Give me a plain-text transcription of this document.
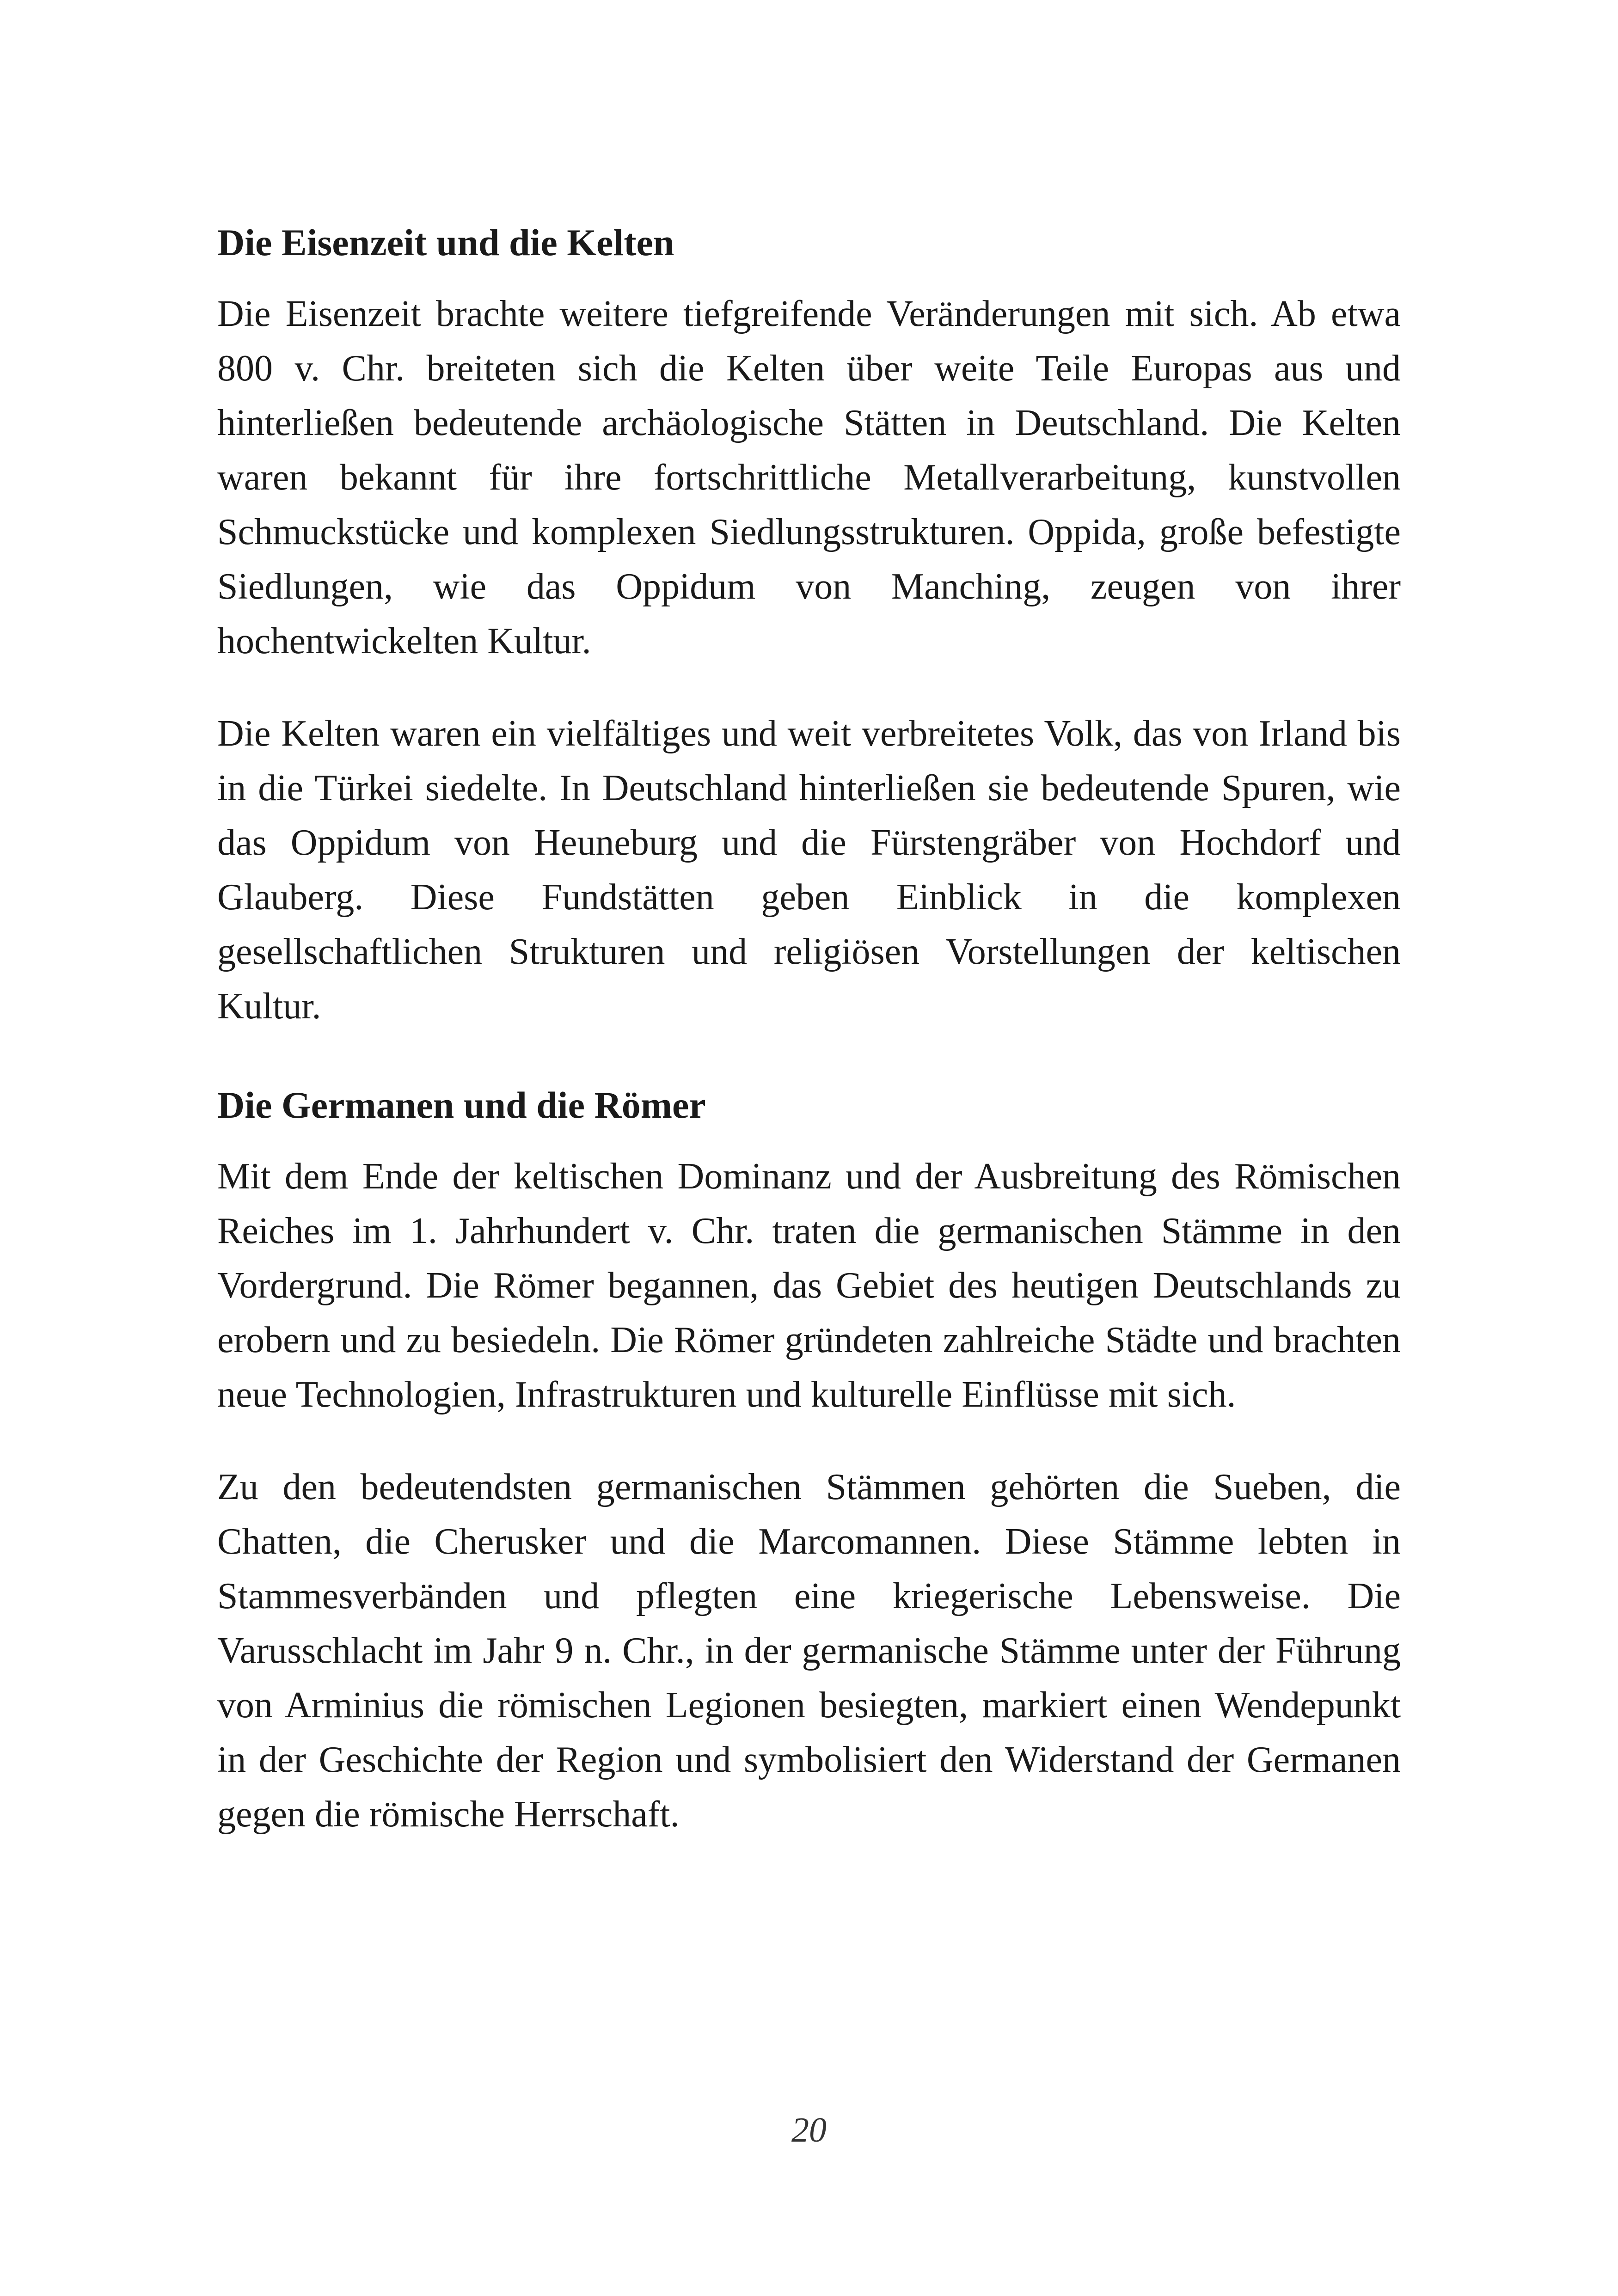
Die Eisenzeit und die Kelten

Die Eisenzeit brachte weitere tiefgreifende Veränderungen mit sich. Ab etwa 800 v. Chr. breiteten sich die Kelten über weite Teile Europas aus und hinterließen bedeutende archäologische Stätten in Deutschland. Die Kelten waren bekannt für ihre fortschrittliche Metallverarbeitung, kunstvollen Schmuckstücke und komplexen Siedlungsstrukturen. Oppida, große befestigte Siedlungen, wie das Oppidum von Manching, zeugen von ihrer hochentwickelten Kultur.

Die Kelten waren ein vielfältiges und weit verbreitetes Volk, das von Irland bis in die Türkei siedelte. In Deutschland hinterließen sie bedeutende Spuren, wie das Oppidum von Heuneburg und die Fürstengräber von Hochdorf und Glauberg. Diese Fundstätten geben Einblick in die komplexen gesellschaftlichen Strukturen und religiösen Vorstellungen der keltischen Kultur.

Die Germanen und die Römer

Mit dem Ende der keltischen Dominanz und der Ausbreitung des Römischen Reiches im 1. Jahrhundert v. Chr. traten die germanischen Stämme in den Vordergrund. Die Römer begannen, das Gebiet des heutigen Deutschlands zu erobern und zu besiedeln. Die Römer gründeten zahlreiche Städte und brachten neue Technologien, Infrastrukturen und kulturelle Einflüsse mit sich.

Zu den bedeutendsten germanischen Stämmen gehörten die Sueben, die Chatten, die Cherusker und die Marcomannen. Diese Stämme lebten in Stammesverbänden und pflegten eine kriegerische Lebensweise. Die Varusschlacht im Jahr 9 n. Chr., in der germanische Stämme unter der Führung von Arminius die römischen Legionen besiegten, markiert einen Wendepunkt in der Geschichte der Region und symbolisiert den Widerstand der Germanen gegen die römische Herrschaft.

20
